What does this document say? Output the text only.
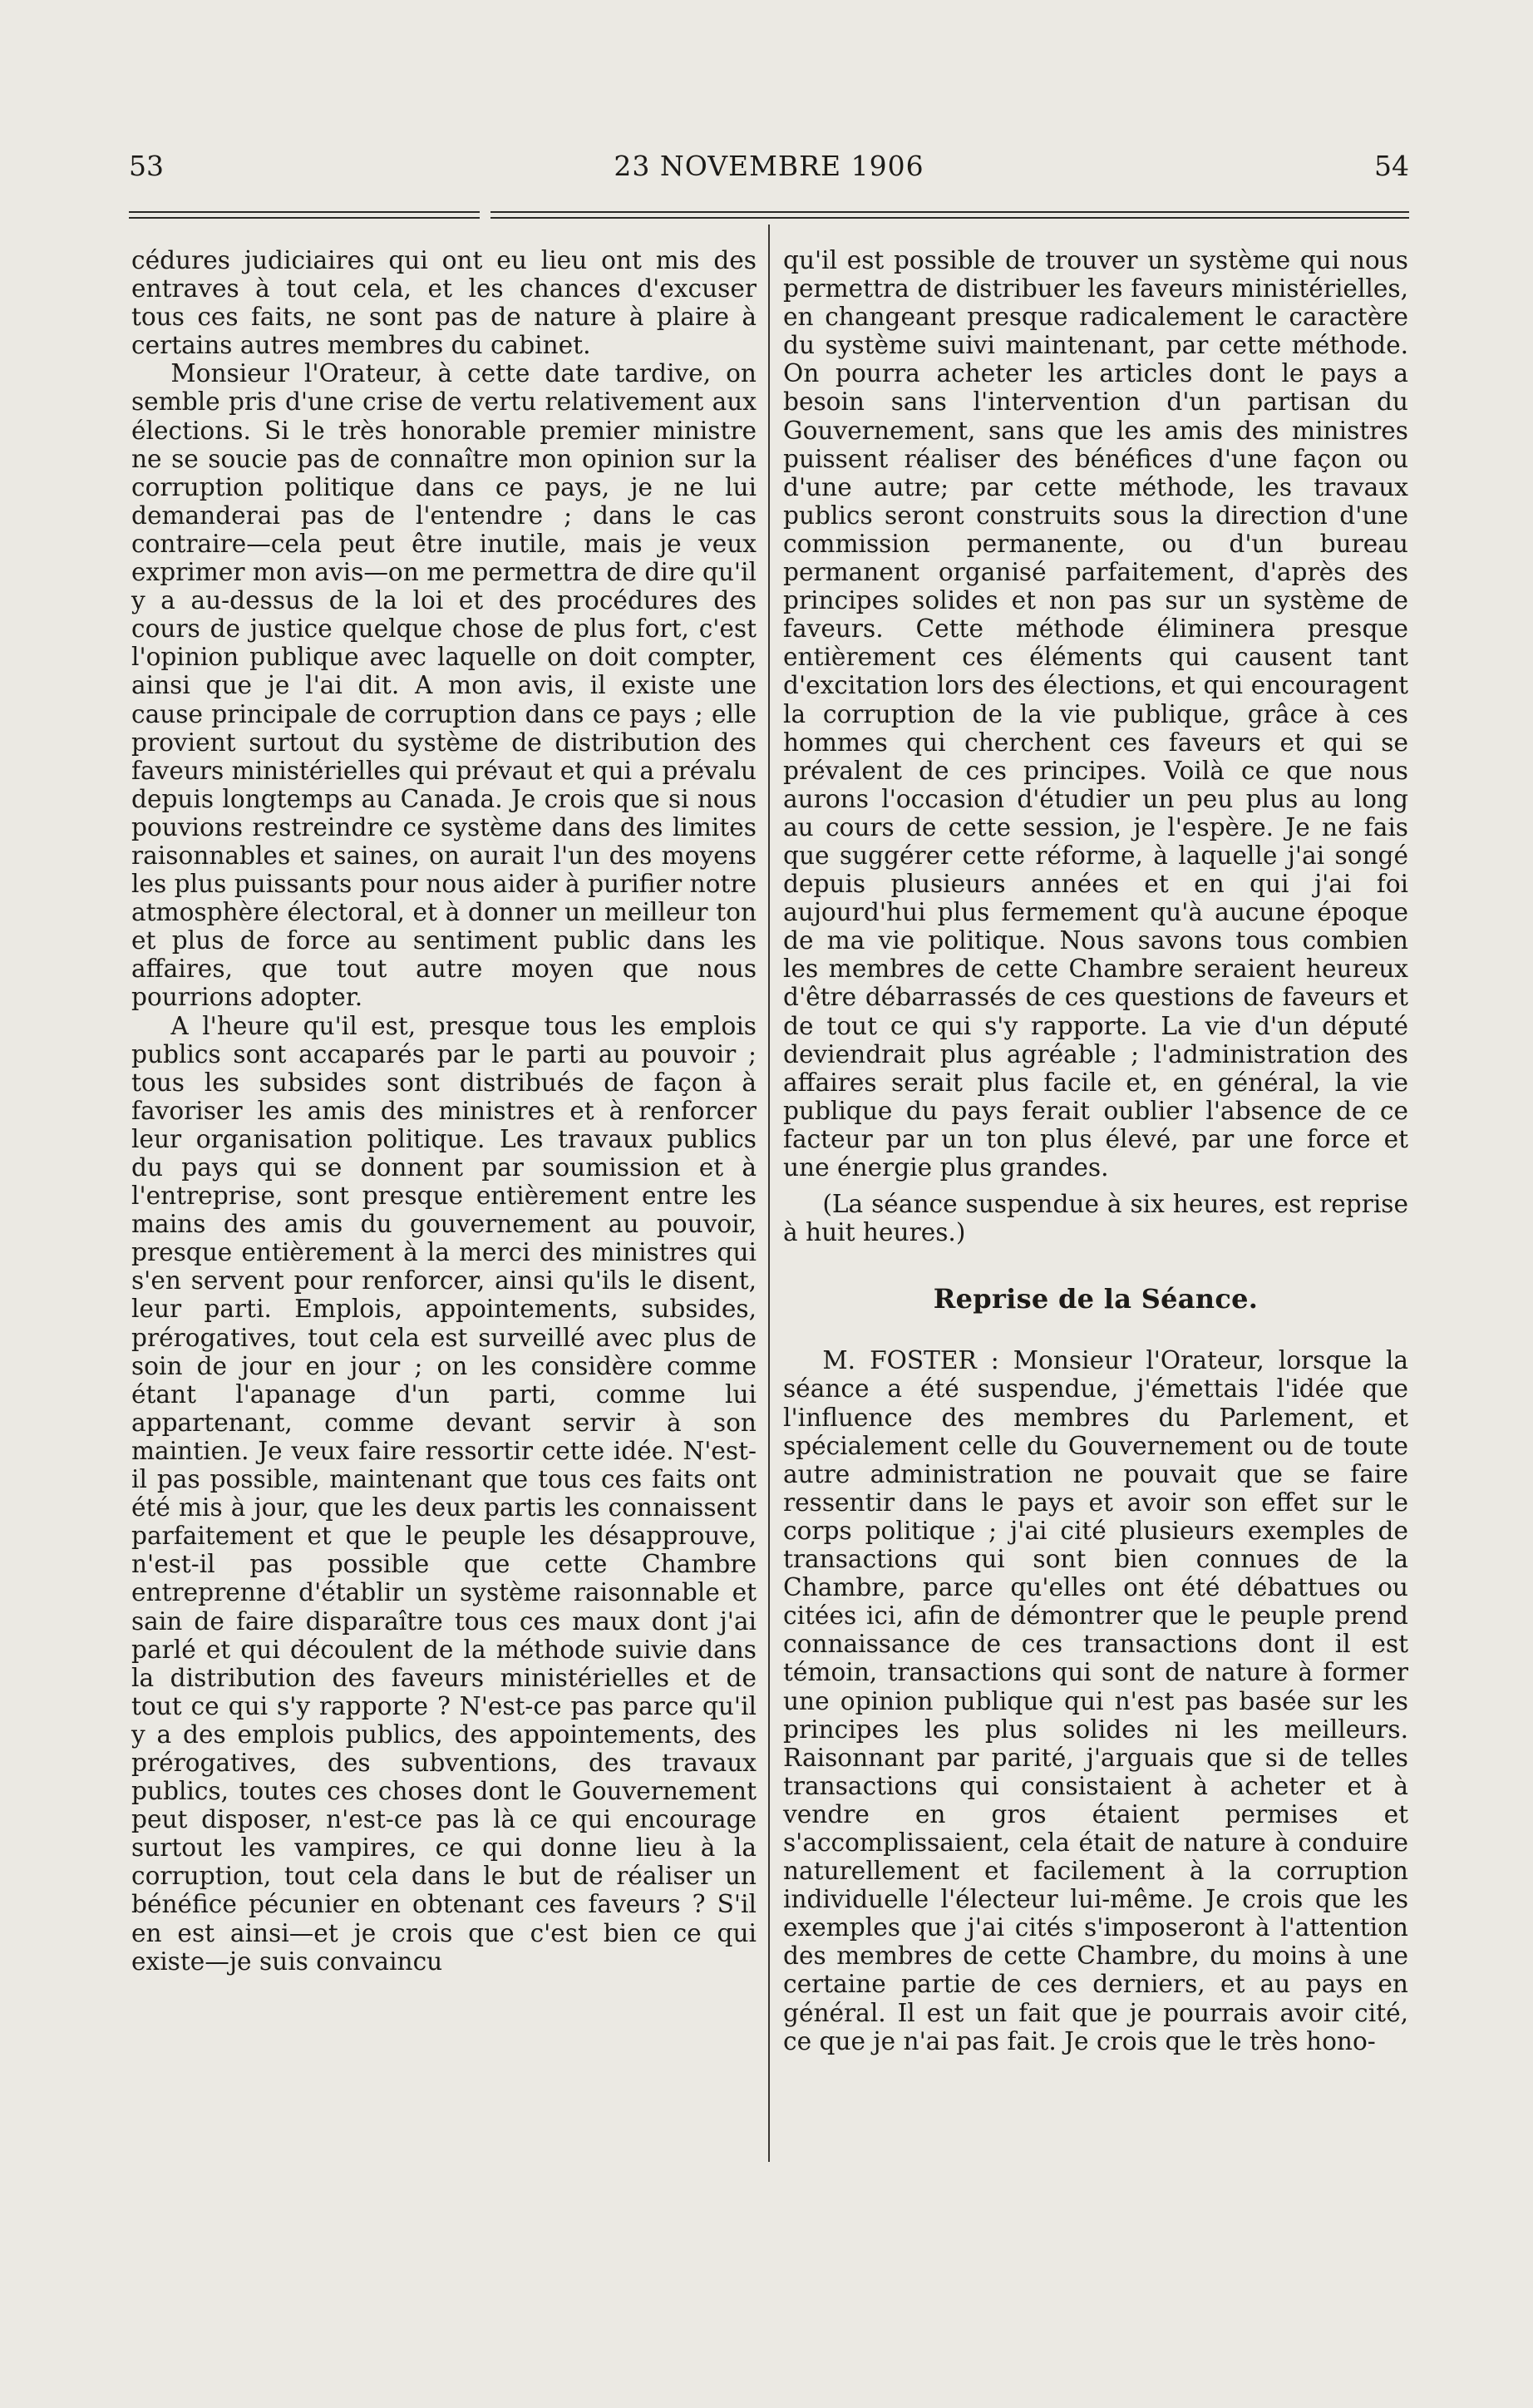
53	23 NOVEMBRE 1906	54

cédures judiciaires qui ont eu lieu ont mis des entraves à tout cela, et les chances d'excuser tous ces faits, ne sont pas de nature à plaire à certains autres membres du cabinet.

Monsieur l'Orateur, à cette date tardive, on semble pris d'une crise de vertu relativement aux élections. Si le très honorable premier ministre ne se soucie pas de connaître mon opinion sur la corruption politique dans ce pays, je ne lui demanderai pas de l'entendre ; dans le cas contraire—cela peut être inutile, mais je veux exprimer mon avis—on me permettra de dire qu'il y a au-dessus de la loi et des procédures des cours de justice quelque chose de plus fort, c'est l'opinion publique avec laquelle on doit compter, ainsi que je l'ai dit. A mon avis, il existe une cause principale de corruption dans ce pays ; elle provient surtout du système de distribution des faveurs ministérielles qui prévaut et qui a prévalu depuis longtemps au Canada. Je crois que si nous pouvions restreindre ce système dans des limites raisonnables et saines, on aurait l'un des moyens les plus puissants pour nous aider à purifier notre atmosphère électoral, et à donner un meilleur ton et plus de force au sentiment public dans les affaires, que tout autre moyen que nous pourrions adopter.

A l'heure qu'il est, presque tous les emplois publics sont accaparés par le parti au pouvoir ; tous les subsides sont distribués de façon à favoriser les amis des ministres et à renforcer leur organisation politique. Les travaux publics du pays qui se donnent par soumission et à l'entreprise, sont presque entièrement entre les mains des amis du gouvernement au pouvoir, presque entièrement à la merci des ministres qui s'en servent pour renforcer, ainsi qu'ils le disent, leur parti. Emplois, appointements, subsides, prérogatives, tout cela est surveillé avec plus de soin de jour en jour ; on les considère comme étant l'apanage d'un parti, comme lui appartenant, comme devant servir à son maintien. Je veux faire ressortir cette idée. N'est-il pas possible, maintenant que tous ces faits ont été mis à jour, que les deux partis les connaissent parfaitement et que le peuple les désapprouve, n'est-il pas possible que cette Chambre entreprenne d'établir un système raisonnable et sain de faire disparaître tous ces maux dont j'ai parlé et qui découlent de la méthode suivie dans la distribution des faveurs ministérielles et de tout ce qui s'y rapporte ? N'est-ce pas parce qu'il y a des emplois publics, des appointements, des prérogatives, des subventions, des travaux publics, toutes ces choses dont le Gouvernement peut disposer, n'est-ce pas là ce qui encourage surtout les vampires, ce qui donne lieu à la corruption, tout cela dans le but de réaliser un bénéfice pécunier en obtenant ces faveurs ? S'il en est ainsi—et je crois que c'est bien ce qui existe—je suis convaincu

qu'il est possible de trouver un système qui nous permettra de distribuer les faveurs ministérielles, en changeant presque radicalement le caractère du système suivi maintenant, par cette méthode. On pourra acheter les articles dont le pays a besoin sans l'intervention d'un partisan du Gouvernement, sans que les amis des ministres puissent réaliser des bénéfices d'une façon ou d'une autre; par cette méthode, les travaux publics seront construits sous la direction d'une commission permanente, ou d'un bureau permanent organisé parfaitement, d'après des principes solides et non pas sur un système de faveurs. Cette méthode éliminera presque entièrement ces éléments qui causent tant d'excitation lors des élections, et qui encouragent la corruption de la vie publique, grâce à ces hommes qui cherchent ces faveurs et qui se prévalent de ces principes. Voilà ce que nous aurons l'occasion d'étudier un peu plus au long au cours de cette session, je l'espère. Je ne fais que suggérer cette réforme, à laquelle j'ai songé depuis plusieurs années et en qui j'ai foi aujourd'hui plus fermement qu'à aucune époque de ma vie politique. Nous savons tous combien les membres de cette Chambre seraient heureux d'être débarrassés de ces questions de faveurs et de tout ce qui s'y rapporte. La vie d'un député deviendrait plus agréable ; l'administration des affaires serait plus facile et, en général, la vie publique du pays ferait oublier l'absence de ce facteur par un ton plus élevé, par une force et une énergie plus grandes.

(La séance suspendue à six heures, est reprise à huit heures.)

Reprise de la Séance.

M. FOSTER : Monsieur l'Orateur, lorsque la séance a été suspendue, j'émettais l'idée que l'influence des membres du Parlement, et spécialement celle du Gouvernement ou de toute autre administration ne pouvait que se faire ressentir dans le pays et avoir son effet sur le corps politique ; j'ai cité plusieurs exemples de transactions qui sont bien connues de la Chambre, parce qu'elles ont été débattues ou citées ici, afin de démontrer que le peuple prend connaissance de ces transactions dont il est témoin, transactions qui sont de nature à former une opinion publique qui n'est pas basée sur les principes les plus solides ni les meilleurs. Raisonnant par parité, j'arguais que si de telles transactions qui consistaient à acheter et à vendre en gros étaient permises et s'accomplissaient, cela était de nature à conduire naturellement et facilement à la corruption individuelle l'électeur lui-même. Je crois que les exemples que j'ai cités s'imposeront à l'attention des membres de cette Chambre, du moins à une certaine partie de ces derniers, et au pays en général. Il est un fait que je pourrais avoir cité, ce que je n'ai pas fait. Je crois que le très hono-
